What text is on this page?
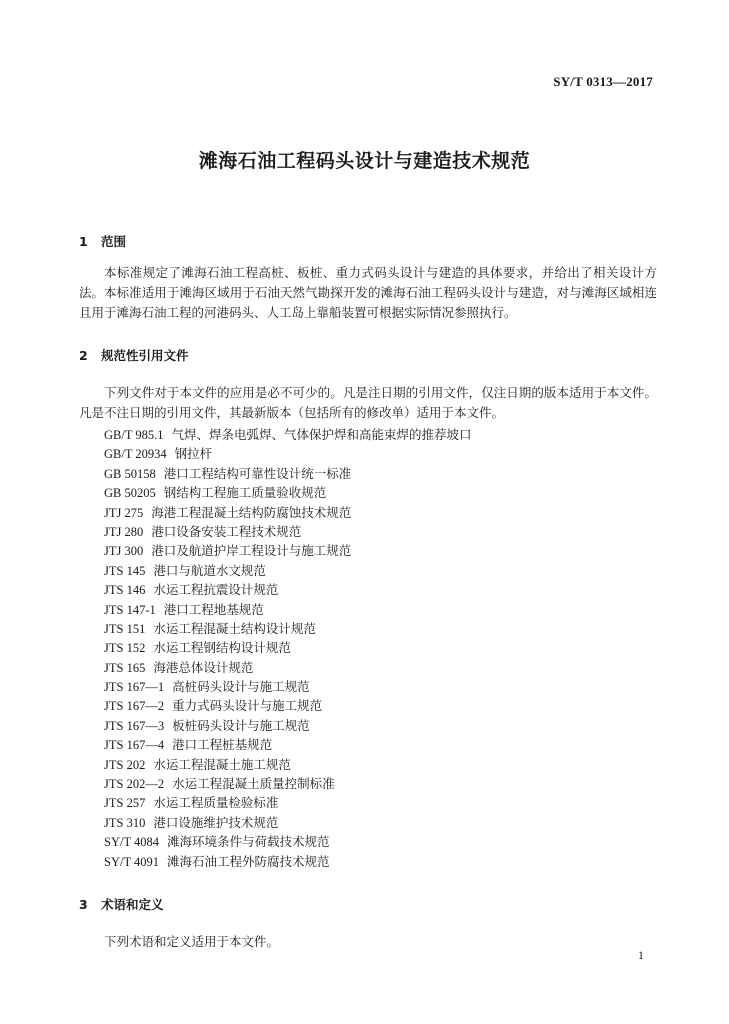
SY/T 0313—2017
滩海石油工程码头设计与建造技术规范
1 范围

本标准规定了滩海石油工程高桩、板桩、重力式码头设计与建造的具体要求，并给出了相关设计方法。 本标准适用于滩海区域用于石油天然气勘探开发的滩海石油工程码头设计与建造，对与滩海区域相连且用于滩海石油工程的河港码头、人工岛上靠船装置可根据实际情况参照执行。

2 规范性引用文件

下列文件对于本文件的应用是必不可少的。凡是注日期的引用文件，仅注日期的版本适用于本文件。凡是不注日期的引用文件，其最新版本（包括所有的修改单）适用于本文件。

GB/T 985.1 气焊、焊条电弧焊、气体保护焊和高能束焊的推荐坡口
GB/T 20934 钢拉杆
GB 50158 港口工程结构可靠性设计统一标准
GB 50205 钢结构工程施工质量验收规范
JTJ 275 海港工程混凝土结构防腐蚀技术规范
JTJ 280 港口设备安装工程技术规范
JTJ 300 港口及航道护岸工程设计与施工规范
JTS 145 港口与航道水文规范
JTS 146 水运工程抗震设计规范
JTS 147-1 港口工程地基规范
JTS 151 水运工程混凝土结构设计规范
JTS 152 水运工程钢结构设计规范
JTS 165 海港总体设计规范
JTS 167—1 高桩码头设计与施工规范
JTS 167—2 重力式码头设计与施工规范
JTS 167—3 板桩码头设计与施工规范
JTS 167—4 港口工程桩基规范
JTS 202 水运工程混凝土施工规范
JTS 202—2 水运工程混凝土质量控制标准
JTS 257 水运工程质量检验标准
JTS 310 港口设施维护技术规范
SY/T 4084 滩海环境条件与荷载技术规范
SY/T 4091 滩海石油工程外防腐技术规范
3 术语和定义

下列术语和定义适用于本文件。

1
